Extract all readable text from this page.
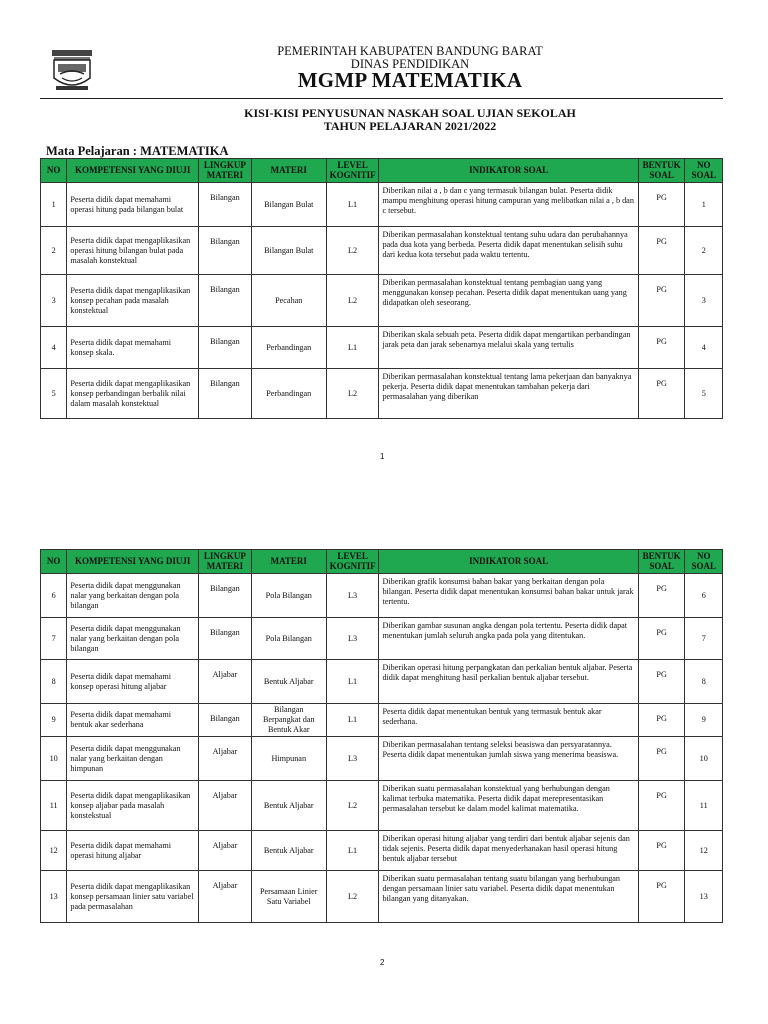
PEMERINTAH KABUPATEN BANDUNG BARAT
DINAS PENDIDIKAN
MGMP MATEMATIKA
KISI-KISI PENYUSUNAN NASKAH SOAL UJIAN SEKOLAH
TAHUN PELAJARAN 2021/2022
Mata Pelajaran : MATEMATIKA
NO	KOMPETENSI YANG DIUJI	LINGKUP MATERI	MATERI	LEVEL KOGNITIF	INDIKATOR SOAL	BENTUK SOAL	NO SOAL
1	Peserta didik dapat memahami operasi hitung pada bilangan bulat	Bilangan	Bilangan Bulat	L1	Diberikan nilai a , b dan c yang termasuk bilangan bulat. Peserta didik mampu menghitung operasi hitung campuran yang melibatkan nilai a , b dan c tersebut.	PG	1
2	Peserta didik dapat mengaplikasikan operasi hitung bilangan bulat pada masalah konstektual	Bilangan	Bilangan Bulat	L2	Diberikan permasalahan konstektual tentang suhu udara dan perubahannya pada dua kota yang berbeda. Peserta didik dapat menentukan selisih suhu dari kedua kota tersebut pada waktu tertentu.	PG	2
3	Peserta didik dapat mengaplikasikan konsep pecahan pada masalah konstektual	Bilangan	Pecahan	L2	Diberikan permasalahan konstektual tentang pembagian uang yang menggunakan konsep pecahan. Peserta didik dapat menentukan uang yang didapatkan oleh seseorang.	PG	3
4	Peserta didik dapat memahami konsep skala.	Bilangan	Perbandingan	L1	Diberikan skala sebuah peta. Peserta didik dapat mengartikan perbandingan jarak peta dan jarak sebenarnya melalui skala yang tertulis	PG	4
5	Peserta didik dapat mengaplikasikan konsep perbandingan berbalik nilai dalam masalah konstektual	Bilangan	Perbandingan	L2	Diberikan permasalahan konstektual tentang lama pekerjaan dan banyaknya pekerja. Peserta didik dapat menentukan tambahan pekerja dari permasalahan yang diberikan	PG	5
1
NO	KOMPETENSI YANG DIUJI	LINGKUP MATERI	MATERI	LEVEL KOGNITIF	INDIKATOR SOAL	BENTUK SOAL	NO SOAL
6	Peserta didik dapat menggunakan nalar yang berkaitan dengan pola bilangan	Bilangan	Pola Bilangan	L3	Diberikan grafik konsumsi bahan bakar yang berkaitan dengan pola bilangan. Peserta didik dapat menentukan konsumsi bahan bakar untuk jarak tertentu.	PG	6
7	Peserta didik dapat menggunakan nalar yang berkaitan dengan pola bilangan	Bilangan	Pola Bilangan	L3	Diberikan gambar susunan angka dengan pola tertentu. Peserta didik dapat menentukan jumlah seluruh angka pada pola yang ditentukan.	PG	7
8	Peserta didik dapat memahami konsep operasi hitung aljabar	Aljabar	Bentuk Aljabar	L1	Diberikan operasi hitung perpangkatan dan perkalian bentuk aljabar. Peserta didik dapat menghitung hasil perkalian bentuk aljabar tersebut.	PG	8
9	Peserta didik dapat memahami bentuk akar sederhana	Bilangan	Bilangan Berpangkat dan Bentuk Akar	L1	Peserta didik dapat menentukan bentuk yang termasuk bentuk akar sederhana.	PG	9
10	Peserta didik dapat menggunakan nalar yang berkaitan dengan himpunan	Aljabar	Himpunan	L3	Diberikan permasalahan tentang seleksi beasiswa dan persyaratannya. Peserta didik dapat menentukan jumlah siswa yang menerima beasiswa.	PG	10
11	Peserta didik dapat mengaplikasikan konsep aljabar pada masalah konstekstual	Aljabar	Bentuk Aljabar	L2	Diberikan suatu permasalahan konstektual yang berhubungan dengan kalimat terbuka matematika. Peserta didik dapat merepresentasikan permasalahan tersebut ke dalam model kalimat matematika.	PG	11
12	Peserta didik dapat memahami operasi hitung aljabar	Aljabar	Bentuk Aljabar	L1	Diberikan operasi hitung aljabar yang terdiri dari bentuk aljabar sejenis dan tidak sejenis. Peserta didik dapat menyederhanakan hasil operasi hitung bentuk aljabar tersebut	PG	12
13	Peserta didik dapat mengaplikasikan konsep persamaan linier satu variabel pada permasalahan	Aljabar	Persamaan Linier Satu Variabel	L2	Diberikan suatu permasalahan tentang suatu bilangan yang berhubungan dengan persamaan linier satu variabel. Peserta didik dapat menentukan bilangan yang ditanyakan.	PG	13
2
